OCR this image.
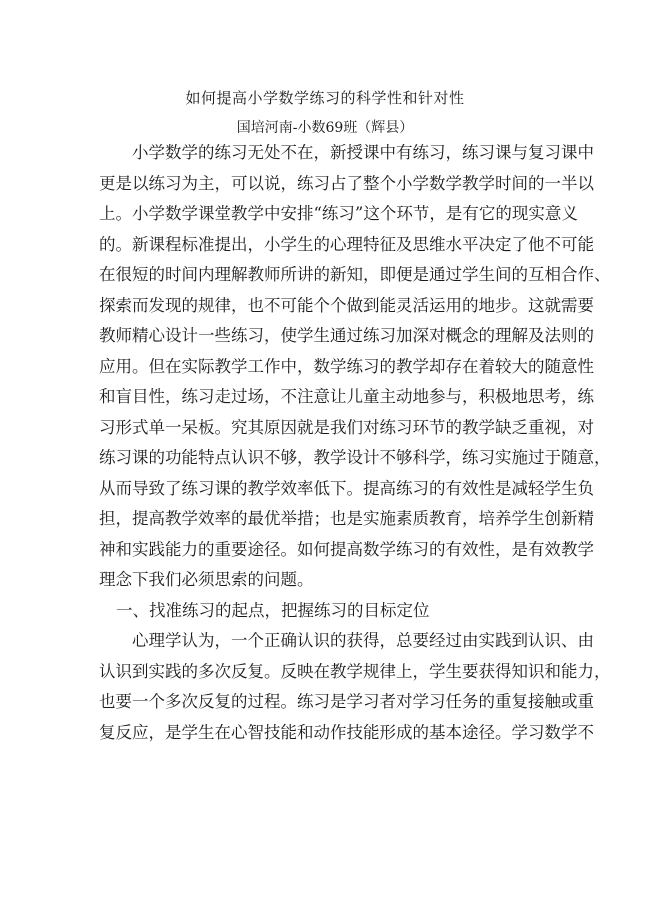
如何提高小学数学练习的科学性和针对性
国培河南-小数69班（辉县）
小学数学的练习无处不在，新授课中有练习，练习课与复习课中
更是以练习为主，可以说，练习占了整个小学数学教学时间的一半以
上。小学数学课堂教学中安排“练习”这个环节，是有它的现实意义
的。新课程标准提出，小学生的心理特征及思维水平决定了他不可能
在很短的时间内理解教师所讲的新知，即便是通过学生间的互相合作、
探索而发现的规律，也不可能个个做到能灵活运用的地步。这就需要
教师精心设计一些练习，使学生通过练习加深对概念的理解及法则的
应用。但在实际教学工作中，数学练习的教学却存在着较大的随意性
和盲目性，练习走过场，不注意让儿童主动地参与，积极地思考，练
习形式单一呆板。究其原因就是我们对练习环节的教学缺乏重视，对
练习课的功能特点认识不够，教学设计不够科学，练习实施过于随意，
从而导致了练习课的教学效率低下。提高练习的有效性是减轻学生负
担，提高教学效率的最优举措；也是实施素质教育，培养学生创新精
神和实践能力的重要途径。如何提高数学练习的有效性，是有效教学
理念下我们必须思索的问题。
一、找准练习的起点，把握练习的目标定位
心理学认为，一个正确认识的获得，总要经过由实践到认识、由
认识到实践的多次反复。反映在教学规律上，学生要获得知识和能力，
也要一个多次反复的过程。练习是学习者对学习任务的重复接触或重
复反应，是学生在心智技能和动作技能形成的基本途径。学习数学不
